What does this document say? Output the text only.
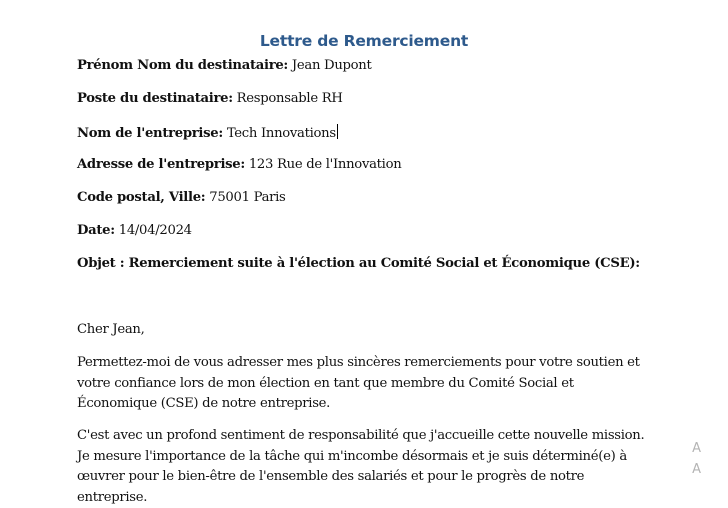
Lettre de Remerciement
Prénom Nom du destinataire: Jean Dupont
Poste du destinataire: Responsable RH
Nom de l'entreprise: Tech Innovations
Adresse de l'entreprise: 123 Rue de l'Innovation
Code postal, Ville: 75001 Paris
Date: 14/04/2024
Objet : Remerciement suite à l'élection au Comité Social et Économique (CSE):
Cher Jean,
Permettez-moi de vous adresser mes plus sincères remerciements pour votre soutien et votre confiance lors de mon élection en tant que membre du Comité Social et Économique (CSE) de notre entreprise.
C'est avec un profond sentiment de responsabilité que j'accueille cette nouvelle mission. Je mesure l'importance de la tâche qui m'incombe désormais et je suis déterminé(e) à œuvrer pour le bien-être de l'ensemble des salariés et pour le progrès de notre entreprise.
A
A
